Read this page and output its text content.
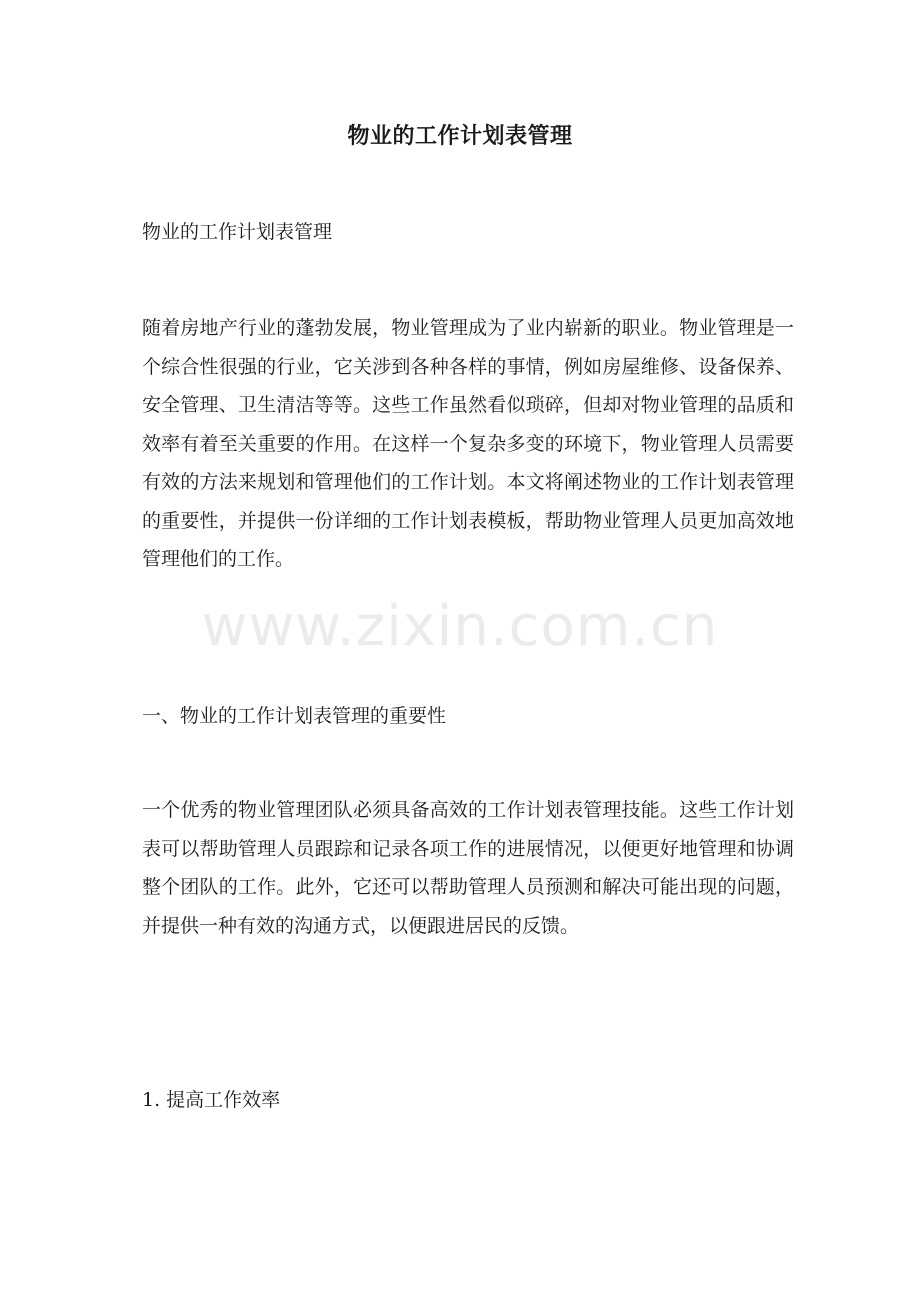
物业的工作计划表管理

物业的工作计划表管理

随着房地产行业的蓬勃发展，物业管理成为了业内崭新的职业。物业管理是一个综合性很强的行业，它关涉到各种各样的事情，例如房屋维修、设备保养、安全管理、卫生清洁等等。这些工作虽然看似琐碎，但却对物业管理的品质和效率有着至关重要的作用。在这样一个复杂多变的环境下，物业管理人员需要有效的方法来规划和管理他们的工作计划。本文将阐述物业的工作计划表管理的重要性，并提供一份详细的工作计划表模板，帮助物业管理人员更加高效地管理他们的工作。

一、物业的工作计划表管理的重要性

一个优秀的物业管理团队必须具备高效的工作计划表管理技能。这些工作计划表可以帮助管理人员跟踪和记录各项工作的进展情况，以便更好地管理和协调整个团队的工作。此外，它还可以帮助管理人员预测和解决可能出现的问题，并提供一种有效的沟通方式，以便跟进居民的反馈。

1. 提高工作效率

www.zixin.com.cn
